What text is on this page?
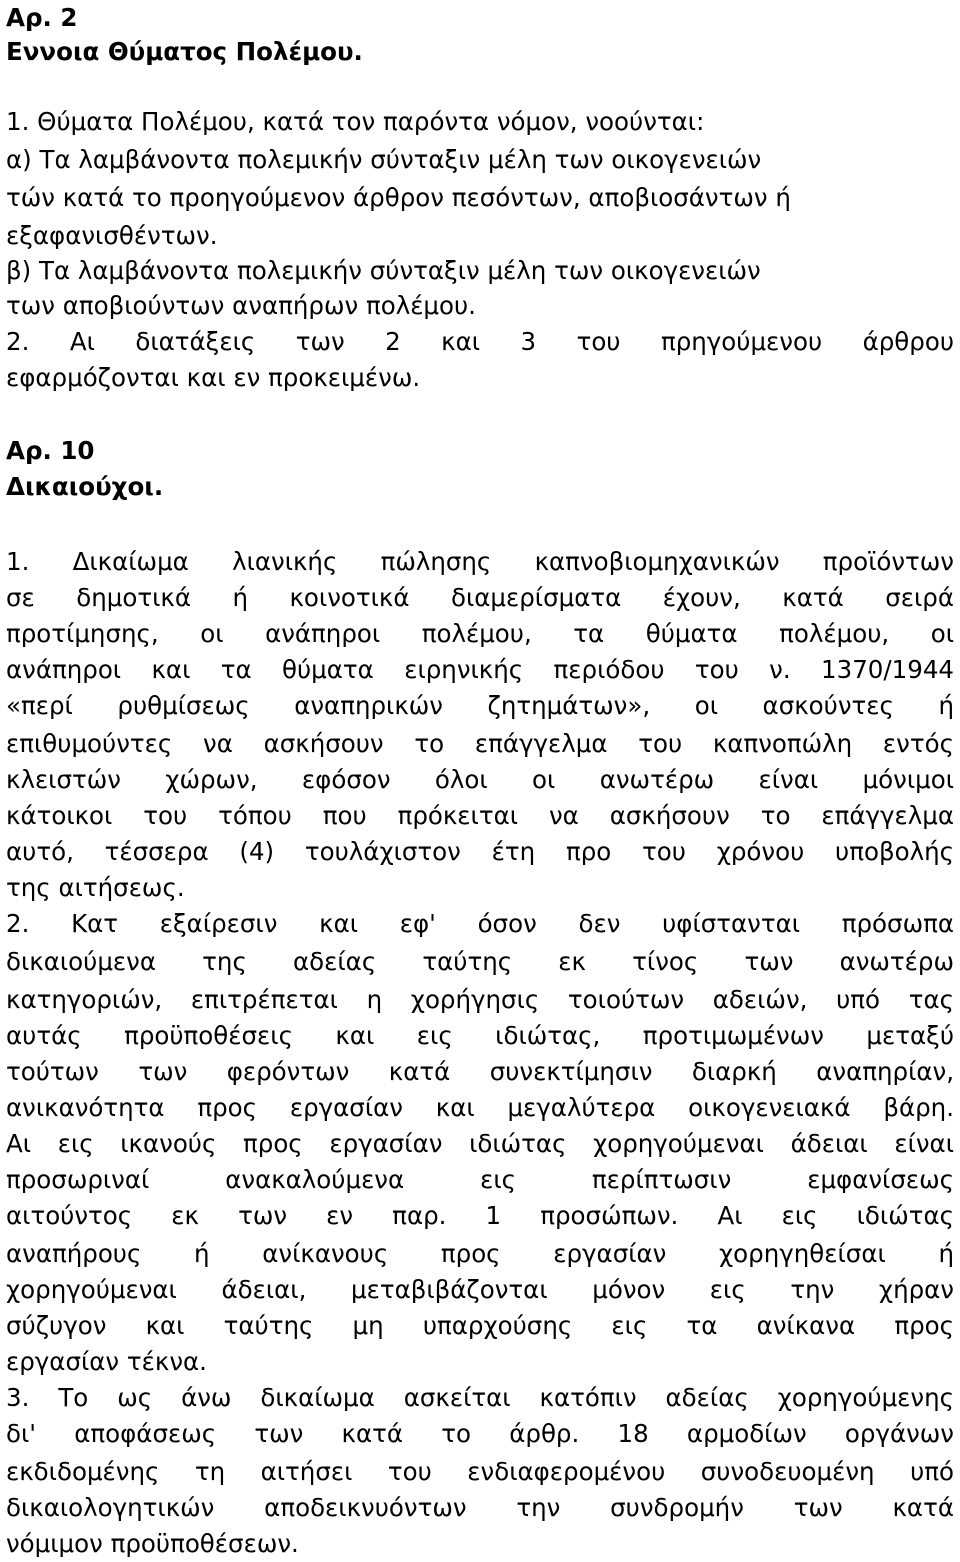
Αρ. 2
Εννοια Θύματος Πολέμου.
1. Θύματα Πολέμου, κατά τον παρόντα νόμον, νοούνται:
α) Τα λαμβάνοντα πολεμικήν σύνταξιν μέλη των οικογενειών
τών κατά το προηγούμενον άρθρον πεσόντων, αποβιοσάντων ή
εξαφανισθέντων.
β) Τα λαμβάνοντα πολεμικήν σύνταξιν μέλη των οικογενειών
των αποβιούντων αναπήρων πολέμου.
2. Αι διατάξεις των 2 και 3 του πρηγούμενου άρθρου
εφαρμόζονται και εν προκειμένω.
Αρ. 10
Δικαιούχοι.
1. Δικαίωμα λιανικής πώλησης καπνοβιομηχανικών προϊόντων
σε δημοτικά ή κοινοτικά διαμερίσματα έχουν, κατά σειρά
προτίμησης, οι ανάπηροι πολέμου, τα θύματα πολέμου, οι
ανάπηροι και τα θύματα ειρηνικής περιόδου του ν. 1370/1944
«περί ρυθμίσεως αναπηρικών ζητημάτων», οι ασκούντες ή
επιθυμούντες να ασκήσουν το επάγγελμα του καπνοπώλη εντός
κλειστών χώρων, εφόσον όλοι οι ανωτέρω είναι μόνιμοι
κάτοικοι του τόπου που πρόκειται να ασκήσουν το επάγγελμα
αυτό, τέσσερα (4) τουλάχιστον έτη προ του χρόνου υποβολής
της αιτήσεως.
2. Κατ εξαίρεσιν και εφ' όσον δεν υφίστανται πρόσωπα
δικαιούμενα της αδείας ταύτης εκ τίνος των ανωτέρω
κατηγοριών, επιτρέπεται η χορήγησις τοιούτων αδειών, υπό τας
αυτάς προϋποθέσεις και εις ιδιώτας, προτιμωμένων μεταξύ
τούτων των φερόντων κατά συνεκτίμησιν διαρκή αναπηρίαν,
ανικανότητα προς εργασίαν και μεγαλύτερα οικογενειακά βάρη.
Αι εις ικανούς προς εργασίαν ιδιώτας χορηγούμεναι άδειαι είναι
προσωριναί ανακαλούμενα εις περίπτωσιν εμφανίσεως
αιτούντος εκ των εν παρ. 1 προσώπων. Αι εις ιδιώτας
αναπήρους ή ανίκανους προς εργασίαν χορηγηθείσαι ή
χορηγούμεναι άδειαι, μεταβιβάζονται μόνον εις την χήραν
σύζυγον και ταύτης μη υπαρχούσης εις τα ανίκανα προς
εργασίαν τέκνα.
3. Το ως άνω δικαίωμα ασκείται κατόπιν αδείας χορηγούμενης
δι' αποφάσεως των κατά το άρθρ. 18 αρμοδίων οργάνων
εκδιδομένης τη αιτήσει του ενδιαφερομένου συνοδευομένη υπό
δικαιολογητικών αποδεικνυόντων την συνδρομήν των κατά
νόμιμον προϋποθέσεων.
